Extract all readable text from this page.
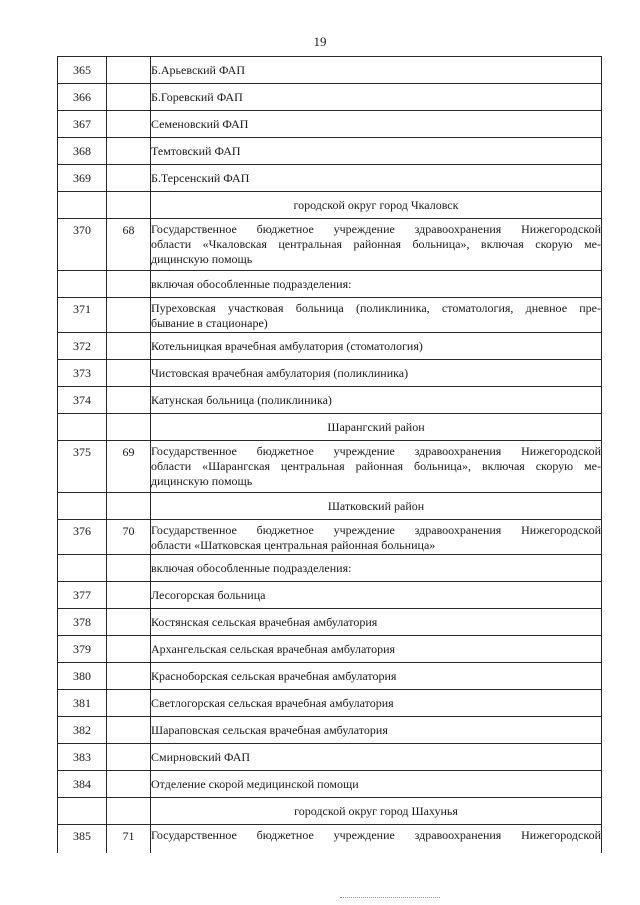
19
365		Б.Арьевский ФАП
366		Б.Горевский ФАП
367		Семеновский ФАП
368		Темтовский ФАП
369		Б.Терсенский ФАП
		городской округ город Чкаловск
370	68	Государственное бюджетное учреждение здравоохранения Нижегородской
области «Чкаловская центральная районная больница», включая скорую ме-
дицинскую помощь

		включая обособленные подразделения:
371		Пуреховская участковая больница (поликлиника, стоматология, дневное пре-
бывание в стационаре)

372		Котельницкая врачебная амбулатория (стоматология)
373		Чистовская врачебная амбулатория (поликлиника)
374		Катунская больница (поликлиника)
		Шарангский район
375	69	Государственное бюджетное учреждение здравоохранения Нижегородской
области «Шарангская центральная районная больница», включая скорую ме-
дицинскую помощь

		Шатковский район
376	70	Государственное бюджетное учреждение здравоохранения Нижегородской
области «Шатковская центральная районная больница»

		включая обособленные подразделения:
377		Лесогорская больница
378		Костянская сельская врачебная амбулатория
379		Архангельская сельская врачебная амбулатория
380		Красноборская сельская врачебная амбулатория
381		Светлогорская сельская врачебная амбулатория
382		Шараповская сельская врачебная амбулатория
383		Смирновский ФАП
384		Отделение скорой медицинской помощи
		городской округ город Шахунья
385	71	Государственное бюджетное учреждение здравоохранения Нижегородской
